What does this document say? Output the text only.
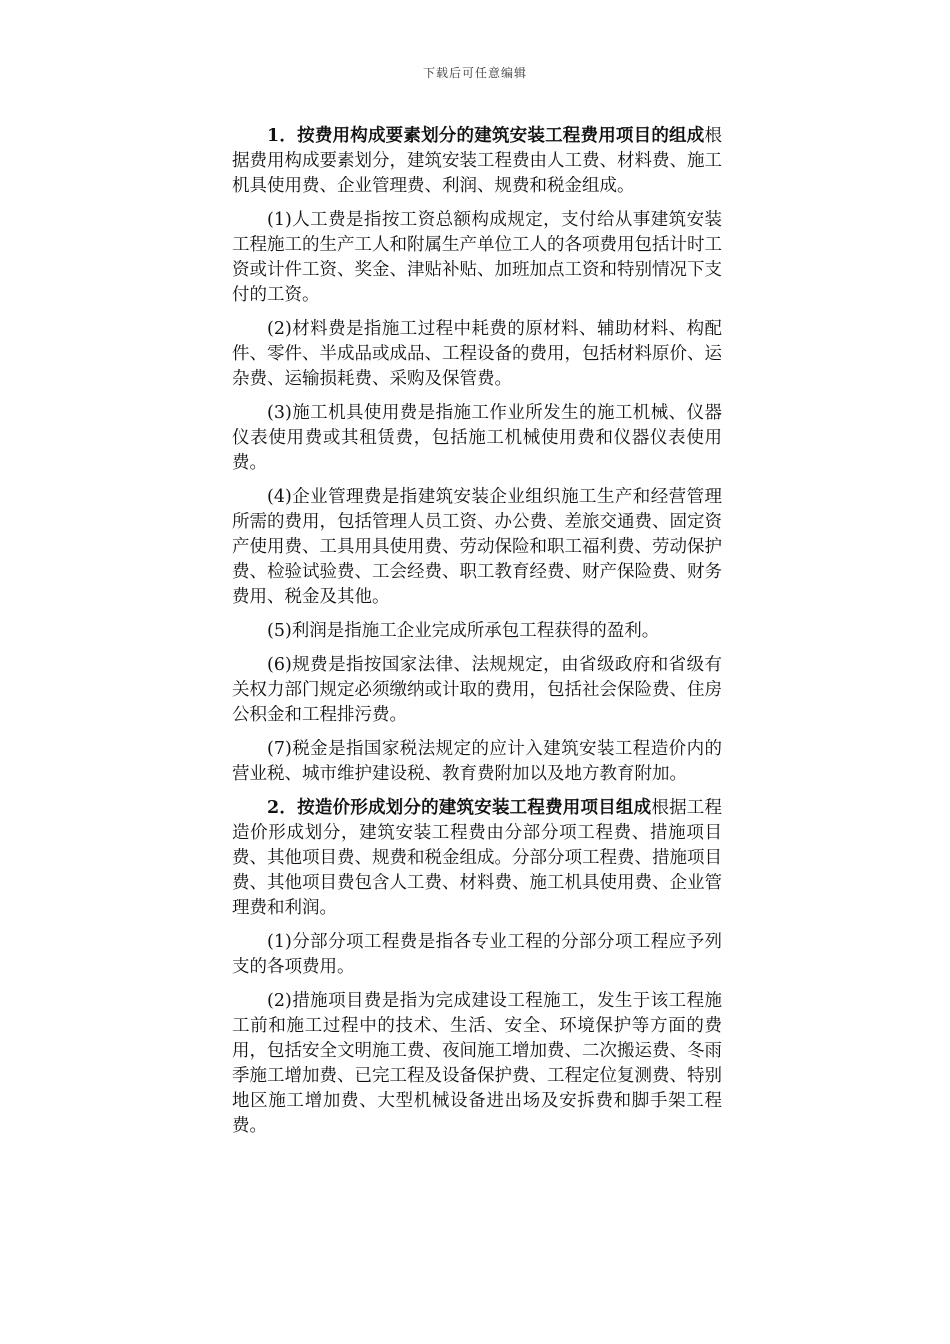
下载后可任意编辑

1．按费用构成要素划分的建筑安装工程费用项目的组成根据费用构成要素划分，建筑安装工程费由人工费、材料费、施工机具使用费、企业管理费、利润、规费和税金组成。

(1)人工费是指按工资总额构成规定，支付给从事建筑安装工程施工的生产工人和附属生产单位工人的各项费用包括计时工资或计件工资、奖金、津贴补贴、加班加点工资和特别情况下支付的工资。

(2)材料费是指施工过程中耗费的原材料、辅助材料、构配件、零件、半成品或成品、工程设备的费用，包括材料原价、运杂费、运输损耗费、采购及保管费。

(3)施工机具使用费是指施工作业所发生的施工机械、仪器仪表使用费或其租赁费，包括施工机械使用费和仪器仪表使用费。

(4)企业管理费是指建筑安装企业组织施工生产和经营管理所需的费用，包括管理人员工资、办公费、差旅交通费、固定资产使用费、工具用具使用费、劳动保险和职工福利费、劳动保护费、检验试验费、工会经费、职工教育经费、财产保险费、财务费用、税金及其他。

(5)利润是指施工企业完成所承包工程获得的盈利。

(6)规费是指按国家法律、法规规定，由省级政府和省级有关权力部门规定必须缴纳或计取的费用，包括社会保险费、住房公积金和工程排污费。

(7)税金是指国家税法规定的应计入建筑安装工程造价内的营业税、城市维护建设税、教育费附加以及地方教育附加。

2．按造价形成划分的建筑安装工程费用项目组成根据工程造价形成划分，建筑安装工程费由分部分项工程费、措施项目费、其他项目费、规费和税金组成。分部分项工程费、措施项目费、其他项目费包含人工费、材料费、施工机具使用费、企业管理费和利润。

(1)分部分项工程费是指各专业工程的分部分项工程应予列支的各项费用。

(2)措施项目费是指为完成建设工程施工，发生于该工程施工前和施工过程中的技术、生活、安全、环境保护等方面的费用，包括安全文明施工费、夜间施工增加费、二次搬运费、冬雨季施工增加费、已完工程及设备保护费、工程定位复测费、特别地区施工增加费、大型机械设备进出场及安拆费和脚手架工程费。
